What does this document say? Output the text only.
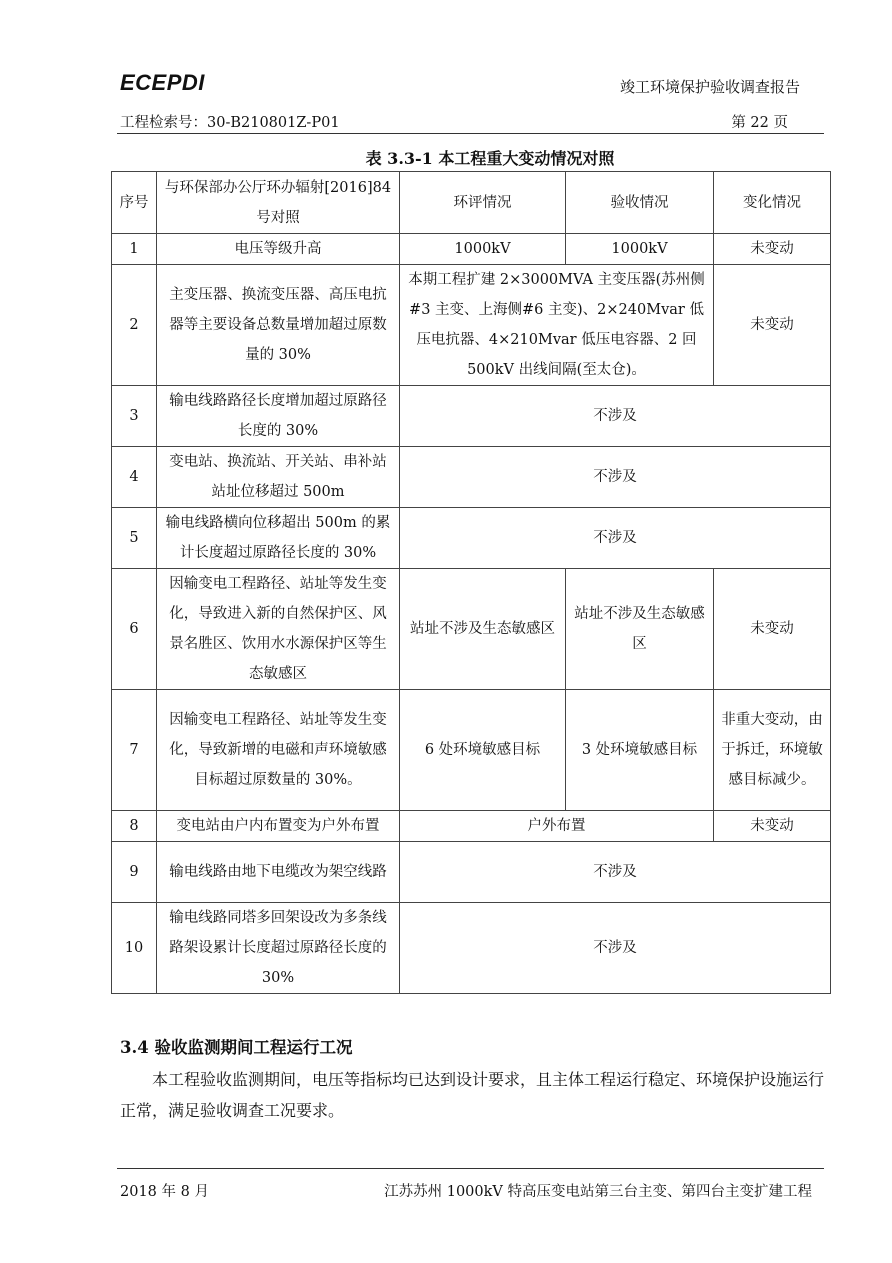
ECEPDI	竣工环境保护验收调查报告
工程检索号：30-B210801Z-P01	第 22 页
表 3.3-1 本工程重大变动情况对照
序号	与环保部办公厅环办辐射[2016]84 号对照	环评情况	验收情况	变化情况
1	电压等级升高	1000kV	1000kV	未变动
2	主变压器、换流变压器、高压电抗器等主要设备总数量增加超过原数量的 30%	本期工程扩建 2×3000MVA 主变压器(苏州侧#3 主变、上海侧#6 主变)、2×240Mvar 低压电抗器、4×210Mvar 低压电容器、2 回 500kV 出线间隔(至太仓)。		未变动
3	输电线路路径长度增加超过原路径长度的 30%	不涉及		
4	变电站、换流站、开关站、串补站站址位移超过 500m	不涉及		
5	输电线路横向位移超出 500m 的累计长度超过原路径长度的 30%	不涉及		
6	因输变电工程路径、站址等发生变化，导致进入新的自然保护区、风景名胜区、饮用水水源保护区等生态敏感区	站址不涉及生态敏感区	站址不涉及生态敏感区	未变动
7	因输变电工程路径、站址等发生变化，导致新增的电磁和声环境敏感目标超过原数量的 30%。	6 处环境敏感目标	3 处环境敏感目标	非重大变动，由于拆迁，环境敏感目标减少。
8	变电站由户内布置变为户外布置	户外布置		未变动
9	输电线路由地下电缆改为架空线路	不涉及		
10	输电线路同塔多回架设改为多条线路架设累计长度超过原路径长度的 30%	不涉及		
3.4 验收监测期间工程运行工况
本工程验收监测期间，电压等指标均已达到设计要求，且主体工程运行稳定、环境保护设施运行正常，满足验收调查工况要求。
2018 年 8 月	江苏苏州 1000kV 特高压变电站第三台主变、第四台主变扩建工程
